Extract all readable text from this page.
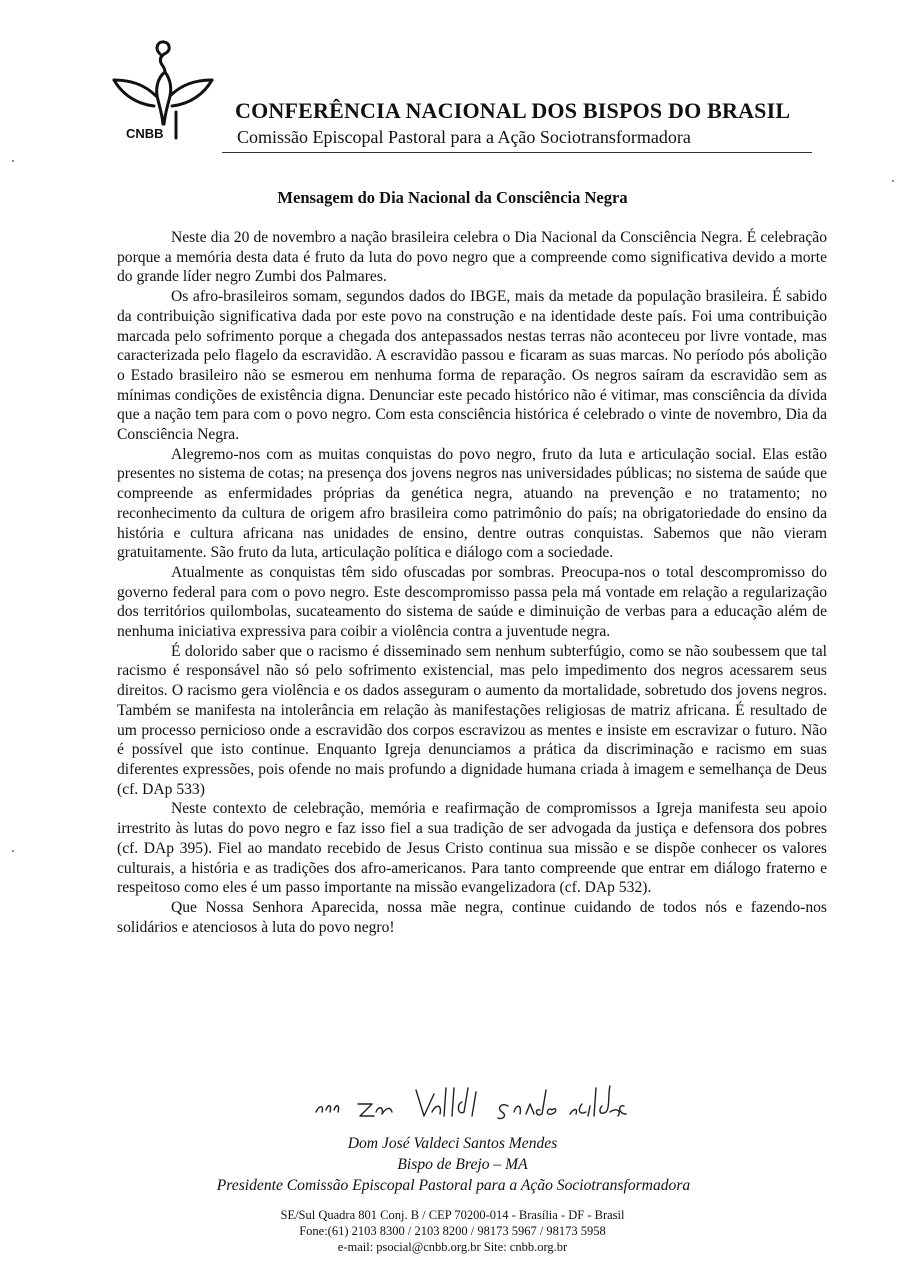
CNBB
CONFERÊNCIA NACIONAL DOS BISPOS DO BRASIL
Comissão Episcopal Pastoral para a Ação Sociotransformadora
Mensagem do Dia Nacional da Consciência Negra

Neste dia 20 de novembro a nação brasileira celebra o Dia Nacional da Consciência Negra. É celebração porque a memória desta data é fruto da luta do povo negro que a compreende como significativa devido a morte do grande líder negro Zumbi dos Palmares.

Os afro-brasileiros somam, segundos dados do IBGE, mais da metade da população brasileira. É sabido da contribuição significativa dada por este povo na construção e na identidade deste país. Foi uma contribuição marcada pelo sofrimento porque a chegada dos antepassados nestas terras não aconteceu por livre vontade, mas caracterizada pelo flagelo da escravidão. A escravidão passou e ficaram as suas marcas. No período pós abolição o Estado brasileiro não se esmerou em nenhuma forma de reparação. Os negros saíram da escravidão sem as mínimas condições de existência digna. Denunciar este pecado histórico não é vitimar, mas consciência da dívida que a nação tem para com o povo negro. Com esta consciência histórica é celebrado o vinte de novembro, Dia da Consciência Negra.

Alegremo-nos com as muitas conquistas do povo negro, fruto da luta e articulação social. Elas estão presentes no sistema de cotas; na presença dos jovens negros nas universidades públicas; no sistema de saúde que compreende as enfermidades próprias da genética negra, atuando na prevenção e no tratamento; no reconhecimento da cultura de origem afro brasileira como patrimônio do país; na obrigatoriedade do ensino da história e cultura africana nas unidades de ensino, dentre outras conquistas. Sabemos que não vieram gratuitamente. São fruto da luta, articulação política e diálogo com a sociedade.

Atualmente as conquistas têm sido ofuscadas por sombras. Preocupa-nos o total descompromisso do governo federal para com o povo negro. Este descompromisso passa pela má vontade em relação a regularização dos territórios quilombolas, sucateamento do sistema de saúde e diminuição de verbas para a educação além de nenhuma iniciativa expressiva para coibir a violência contra a juventude negra.

É dolorido saber que o racismo é disseminado sem nenhum subterfúgio, como se não soubessem que tal racismo é responsável não só pelo sofrimento existencial, mas pelo impedimento dos negros acessarem seus direitos. O racismo gera violência e os dados asseguram o aumento da mortalidade, sobretudo dos jovens negros. Também se manifesta na intolerância em relação às manifestações religiosas de matriz africana. É resultado de um processo pernicioso onde a escravidão dos corpos escravizou as mentes e insiste em escravizar o futuro. Não é possível que isto continue. Enquanto Igreja denunciamos a prática da discriminação e racismo em suas diferentes expressões, pois ofende no mais profundo a dignidade humana criada à imagem e semelhança de Deus (cf. DAp 533)

Neste contexto de celebração, memória e reafirmação de compromissos a Igreja manifesta seu apoio irrestrito às lutas do povo negro e faz isso fiel a sua tradição de ser advogada da justiça e defensora dos pobres (cf. DAp 395). Fiel ao mandato recebido de Jesus Cristo continua sua missão e se dispõe conhecer os valores culturais, a história e as tradições dos afro-americanos. Para tanto compreende que entrar em diálogo fraterno e respeitoso como eles é um passo importante na missão evangelizadora (cf. DAp 532).

Que Nossa Senhora Aparecida, nossa mãe negra, continue cuidando de todos nós e fazendo-nos solidários e atenciosos à luta do povo negro!

Dom José Valdeci Santos Mendes
Bispo de Brejo – MA
Presidente Comissão Episcopal Pastoral para a Ação Sociotransformadora
SE/Sul Quadra 801 Conj. B / CEP 70200-014 - Brasília - DF - Brasil
Fone:(61) 2103 8300 / 2103 8200 / 98173 5967 / 98173 5958
e-mail: psocial@cnbb.org.br Site: cnbb.org.br
